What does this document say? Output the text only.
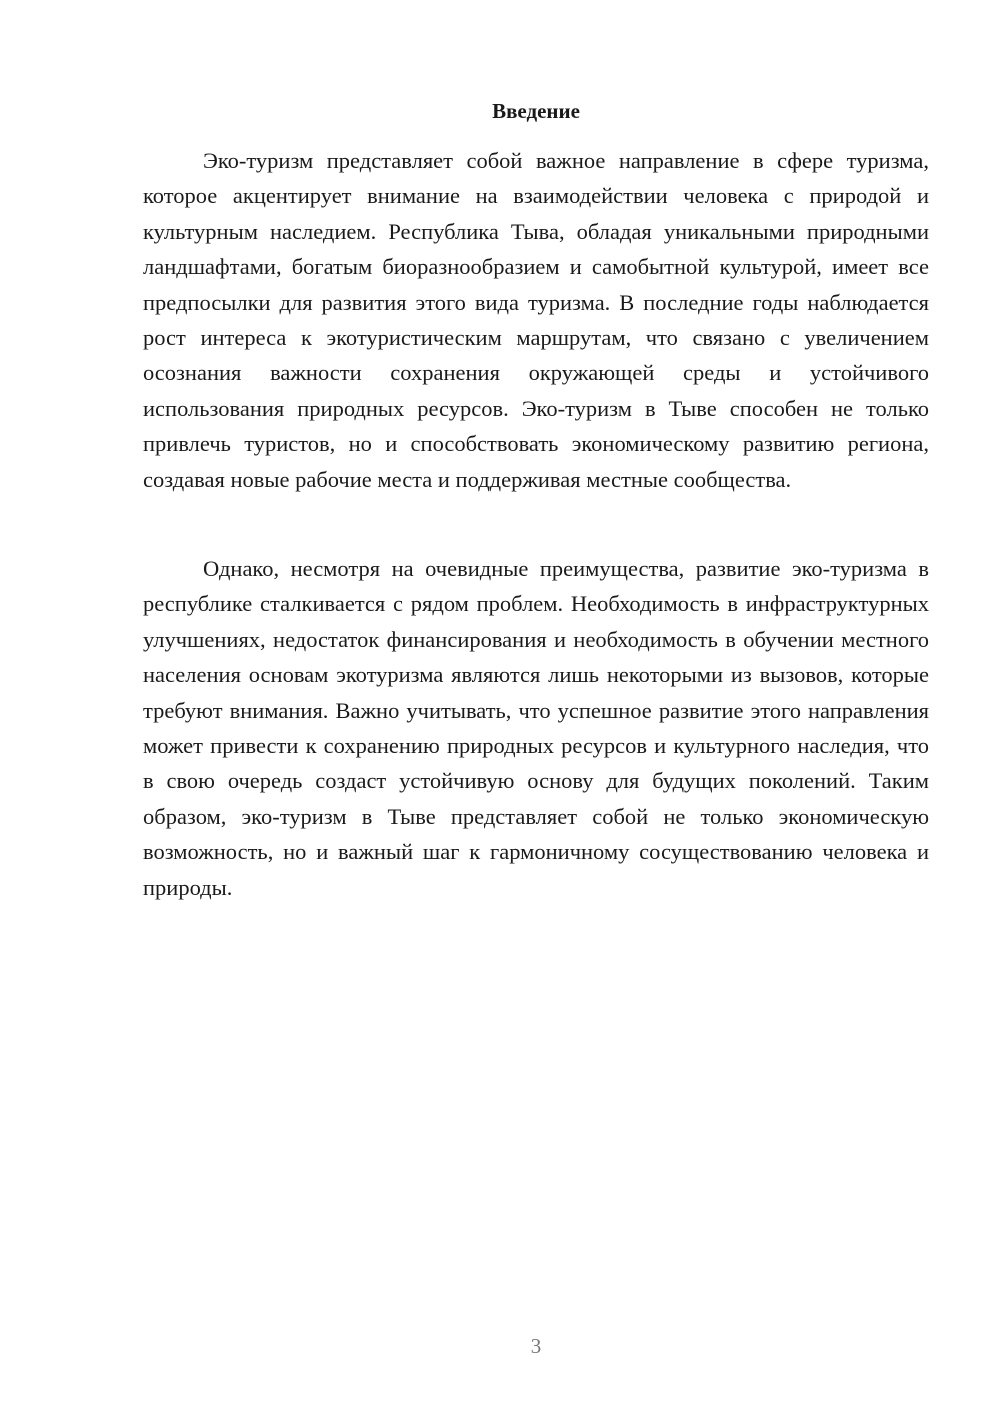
Введение

Эко-туризм представляет собой важное направление в сфере туризма, которое акцентирует внимание на взаимодействии человека с природой и культурным наследием. Республика Тыва, обладая уникальными природными ландшафтами, богатым биоразнообразием и самобытной культурой, имеет все предпосылки для развития этого вида туризма. В последние годы наблюдается рост интереса к экотуристическим маршрутам, что связано с увеличением осознания важности сохранения окружающей среды и устойчивого использования природных ресурсов. Эко-туризм в Тыве способен не только привлечь туристов, но и способствовать экономическому развитию региона, создавая новые рабочие места и поддерживая местные сообщества.

Однако, несмотря на очевидные преимущества, развитие эко-туризма в республике сталкивается с рядом проблем. Необходимость в инфраструктурных улучшениях, недостаток финансирования и необходимость в обучении местного населения основам экотуризма являются лишь некоторыми из вызовов, которые требуют внимания. Важно учитывать, что успешное развитие этого направления может привести к сохранению природных ресурсов и культурного наследия, что в свою очередь создаст устойчивую основу для будущих поколений. Таким образом, эко-туризм в Тыве представляет собой не только экономическую возможность, но и важный шаг к гармоничному сосуществованию человека и природы.

3
